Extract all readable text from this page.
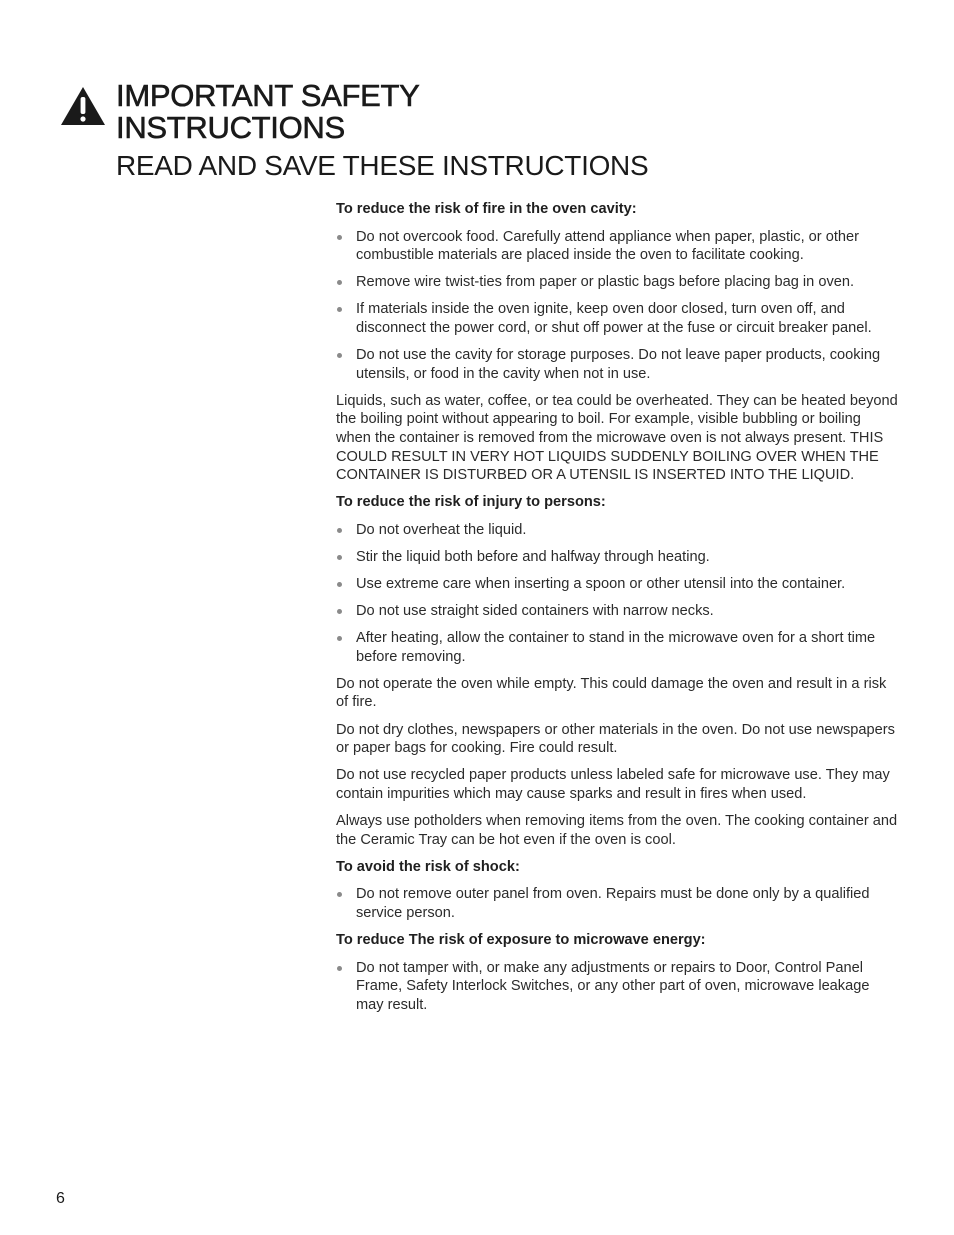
IMPORTANT SAFETY INSTRUCTIONS
READ AND SAVE THESE INSTRUCTIONS

To reduce the risk of fire in the oven cavity:

Do not overcook food. Carefully attend appliance when paper, plastic, or other combustible materials are placed inside the oven to facilitate cooking.
Remove wire twist-ties from paper or plastic bags before placing bag in oven.
If materials inside the oven ignite, keep oven door closed, turn oven off, and disconnect the power cord, or shut off power at the fuse or circuit breaker panel.
Do not use the cavity for storage purposes. Do not leave paper products, cooking utensils, or food in the cavity when not in use.

Liquids, such as water, coffee, or tea could be overheated. They can be heated beyond the boiling point without appearing to boil. For example, visible bubbling or boiling when the container is removed from the microwave oven is not always present. THIS COULD RESULT IN VERY HOT LIQUIDS SUDDENLY BOILING OVER WHEN THE CONTAINER IS DISTURBED OR A UTENSIL IS INSERTED INTO THE LIQUID.

To reduce the risk of injury to persons:

Do not overheat the liquid.
Stir the liquid both before and halfway through heating.
Use extreme care when inserting a spoon or other utensil into the container.
Do not use straight sided containers with narrow necks.
After heating, allow the container to stand in the microwave oven for a short time before removing.

Do not operate the oven while empty. This could damage the oven and result in a risk of fire.

Do not dry clothes, newspapers or other materials in the oven. Do not use newspapers or paper bags for cooking. Fire could result.

Do not use recycled paper products unless labeled safe for microwave use. They may contain impurities which may cause sparks and result in fires when used.

Always use potholders when removing items from the oven. The cooking container and the Ceramic Tray can be hot even if the oven is cool.

To avoid the risk of shock:

Do not remove outer panel from oven. Repairs must be done only by a qualified service person.

To reduce The risk of exposure to microwave energy:

Do not tamper with, or make any adjustments or repairs to Door, Control Panel Frame, Safety Interlock Switches, or any other part of oven, microwave leakage may result.
6
